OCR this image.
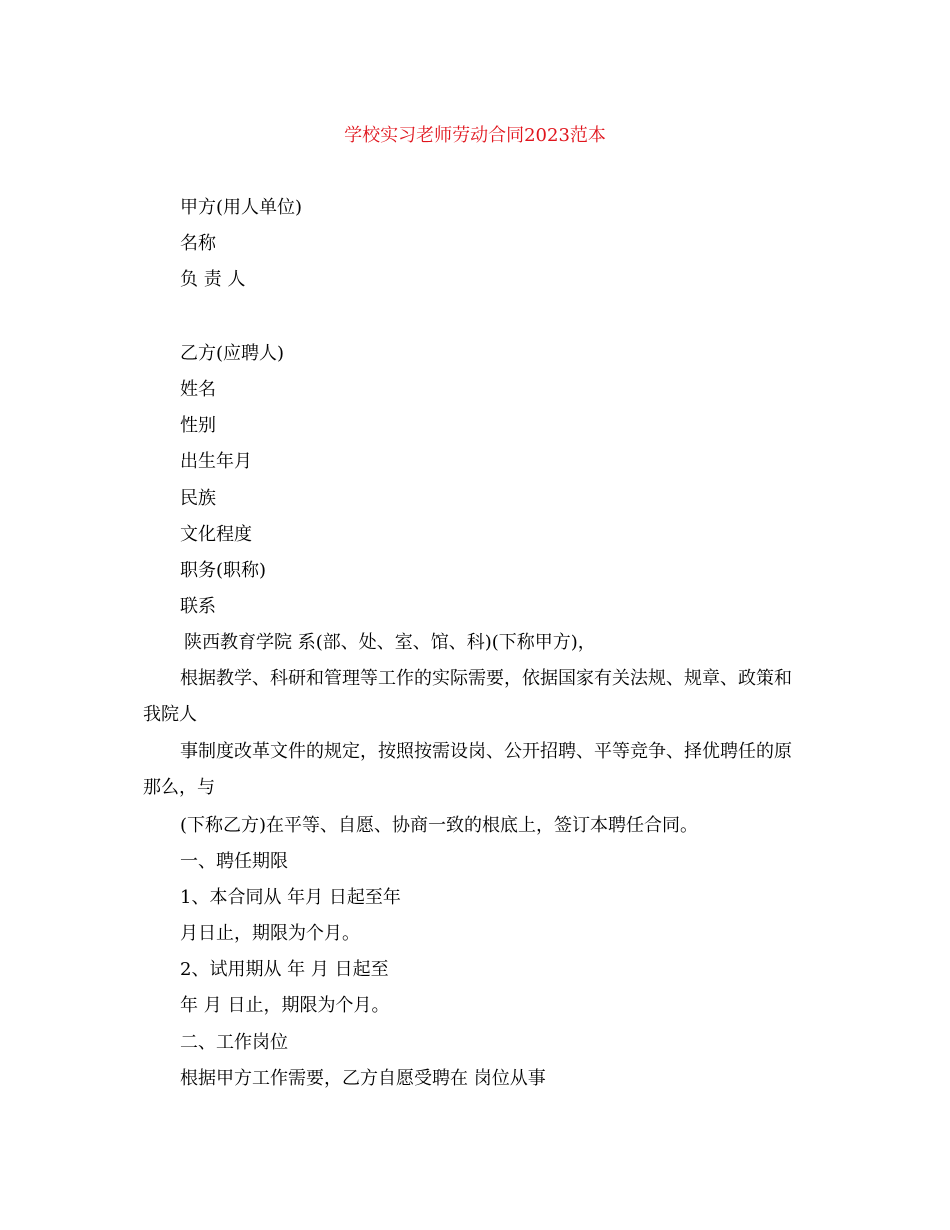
学校实习老师劳动合同2023范本

甲方(用人单位)

名称

负 责 人

乙方(应聘人)

姓名

性别

出生年月

民族

文化程度

职务(职称)

联系

陕西教育学院 系(部、处、室、馆、科)(下称甲方)，

根据教学、科研和管理等工作的实际需要，依据国家有关法规、规章、政策和我院人

事制度改革文件的规定，按照按需设岗、公开招聘、平等竞争、择优聘任的原那么，与

(下称乙方)在平等、自愿、协商一致的根底上，签订本聘任合同。

一、聘任期限

1、本合同从 年月 日起至年

月日止，期限为个月。

2、试用期从 年 月 日起至

年 月 日止，期限为个月。

二、工作岗位

根据甲方工作需要，乙方自愿受聘在 岗位从事
